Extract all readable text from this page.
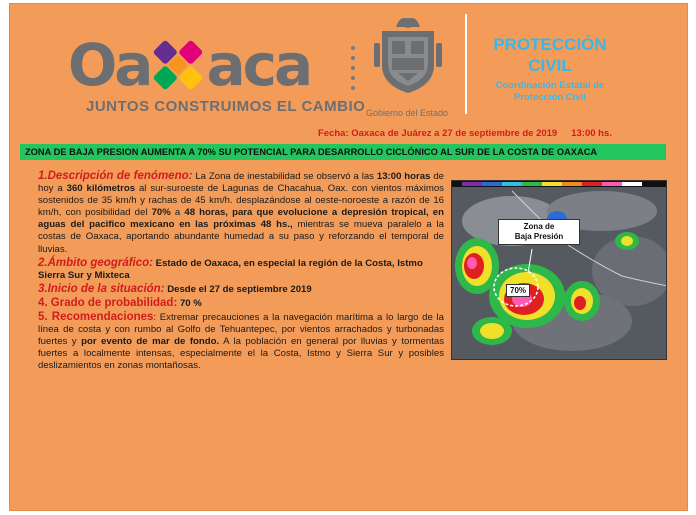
Oa aca
JUNTOS CONSTRUIMOS EL CAMBIO Gobierno del Estado
PROTECCIÓN
CIVIL
Coordinación Estatal de
Protección Civil
Fecha: Oaxaca de Juárez a 27 de septiembre de 2019 13:00 hs.
ZONA DE BAJA PRESION AUMENTA A 70% SU POTENCIAL PARA DESARROLLO CICLÓNICO AL SUR DE LA COSTA DE OAXACA

1.Descripción de fenómeno: La Zona de inestabilidad se observó a las 13:00 horas de hoy a 360 kilómetros al sur-suroeste de Lagunas de Chacahua, Oax. con vientos máximos sostenidos de 35 km/h y rachas de 45 km/h. desplazándose al oeste-noroeste a razón de 16 km/h, con posibilidad del 70% a 48 horas, para que evolucione a depresión tropical, en aguas del pacifico mexicano en las próximas 48 hs., mientras se mueva paralelo a la costas de Oaxaca, aportando abundante humedad a su paso y reforzando el temporal de lluvias.

2.Ámbito geográfico: Estado de Oaxaca, en especial la región de la Costa, Istmo Sierra Sur y Mixteca

3.Inicio de la situación: Desde el 27 de septiembre 2019

4. Grado de probabilidad: 70 %

5. Recomendaciones: Extremar precauciones a la navegación marítima a lo largo de la línea de costa y con rumbo al Golfo de Tehuantepec, por vientos arrachados y turbonadas fuertes y por evento de mar de fondo. A la población en general por lluvias y tormentas fuertes a localmente intensas, especialmente el la Costa, Istmo y Sierra Sur y posibles deslizamientos en zonas montañosas.

Zona de
Baja Presión
70%
